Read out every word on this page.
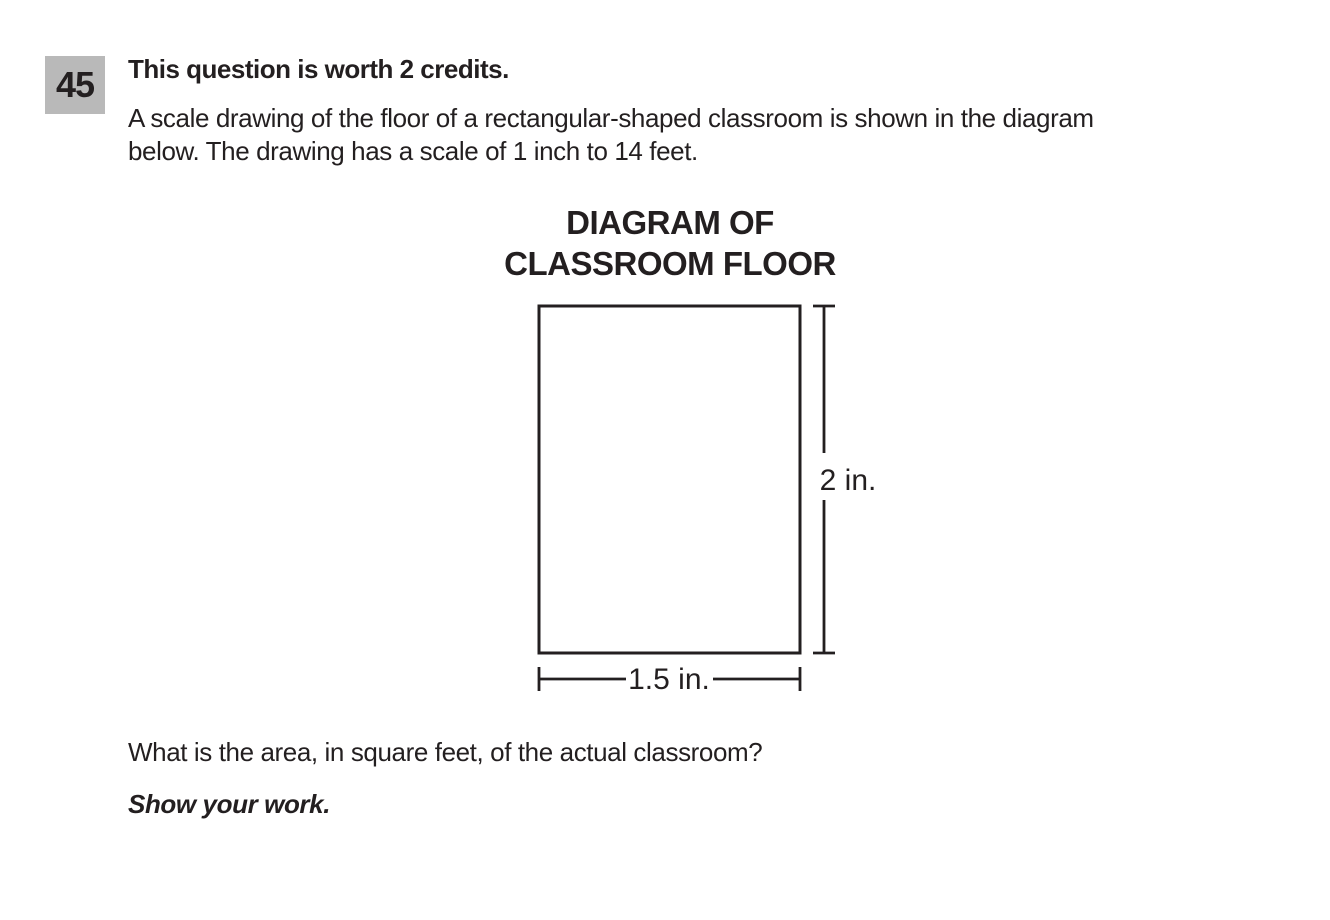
45	This question is worth 2 credits.
A scale drawing of the floor of a rectangular-shaped classroom is shown in the diagram
below. The drawing has a scale of 1 inch to 14 feet.
DIAGRAM OF
CLASSROOM FLOOR
2 in.
1.5 in.
What is the area, in square feet, of the actual classroom?
Show your work.
